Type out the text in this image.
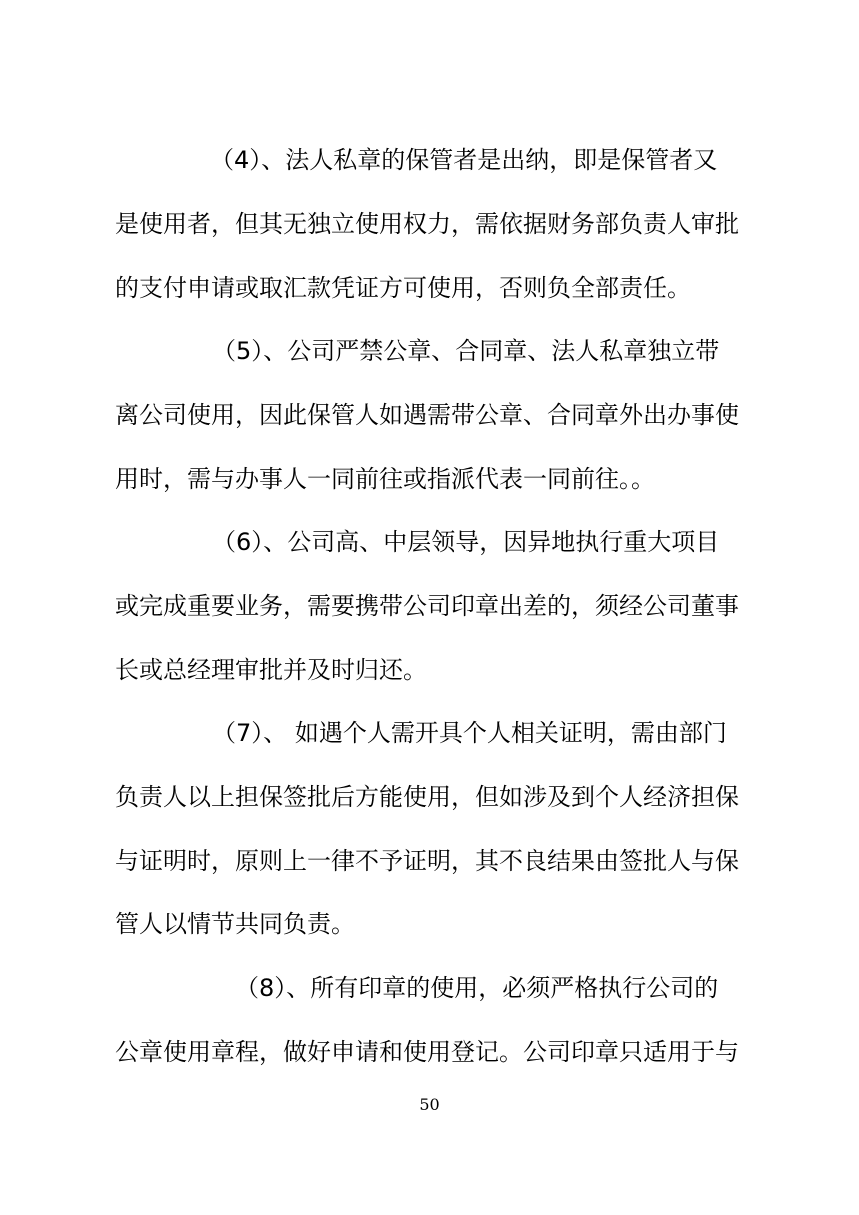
（4）、法人私章的保管者是出纳，即是保管者又
是使用者，但其无独立使用权力，需依据财务部负责人审批
的支付申请或取汇款凭证方可使用，否则负全部责任。
（5）、公司严禁公章、合同章、法人私章独立带
离公司使用，因此保管人如遇需带公章、合同章外出办事使
用时，需与办事人一同前往或指派代表一同前往。。
（6）、公司高、中层领导，因异地执行重大项目
或完成重要业务，需要携带公司印章出差的，须经公司董事
长或总经理审批并及时归还。
（7）、 如遇个人需开具个人相关证明，需由部门
负责人以上担保签批后方能使用，但如涉及到个人经济担保
与证明时，原则上一律不予证明，其不良结果由签批人与保
管人以情节共同负责。
（8）、所有印章的使用，必须严格执行公司的
公章使用章程，做好申请和使用登记。公司印章只适用于与
50
